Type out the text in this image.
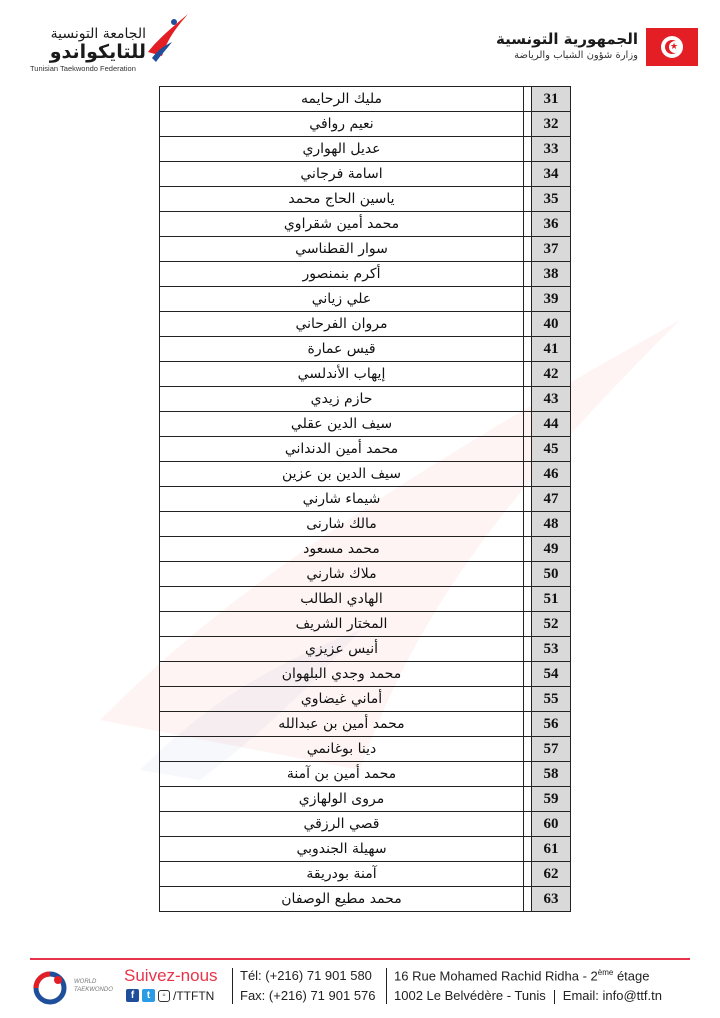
الجامعة التونسية
للتايكواندو
Tunisian Taekwondo Federation
الجمهورية التونسية
وزارة شؤون الشباب والرياضة
★
مليك الرحايمه		31
نعيم روافي		32
عديل الهواري		33
اسامة فرجاني		34
ياسين الحاج محمد		35
محمد أمين شقراوي		36
سوار القطناسي		37
أكرم بنمنصور		38
علي زياني		39
مروان الفرحاني		40
قيس عمارة		41
إيهاب الأندلسي		42
حازم زيدي		43
سيف الدين عقلي		44
محمد أمين الدنداني		45
سيف الدين بن عزين		46
شيماء شارني		47
مالك شارنى		48
محمد مسعود		49
ملاك شارني		50
الهادي الطالب		51
المختار الشريف		52
أنيس عزيزي		53
محمد وجدي البلهوان		54
أماني غيضاوي		55
محمد أمين بن عبدالله		56
دينا بوغانمي		57
محمد أمين بن آمنة		58
مروى الولهازي		59
قصي الرزقي		60
سهيلة الجندوبي		61
آمنة بودريقة		62
محمد مطيع الوصفان		63
WORLD TAEKWONDO
Suivez-nous
f t ◦ /TTFTN
Tél: (+216) 71 901 580
Fax: (+216) 71 901 576
16 Rue Mohamed Rachid Ridha - 2ème étage
1002 Le Belvédère - Tunis Email: info@ttf.tn
